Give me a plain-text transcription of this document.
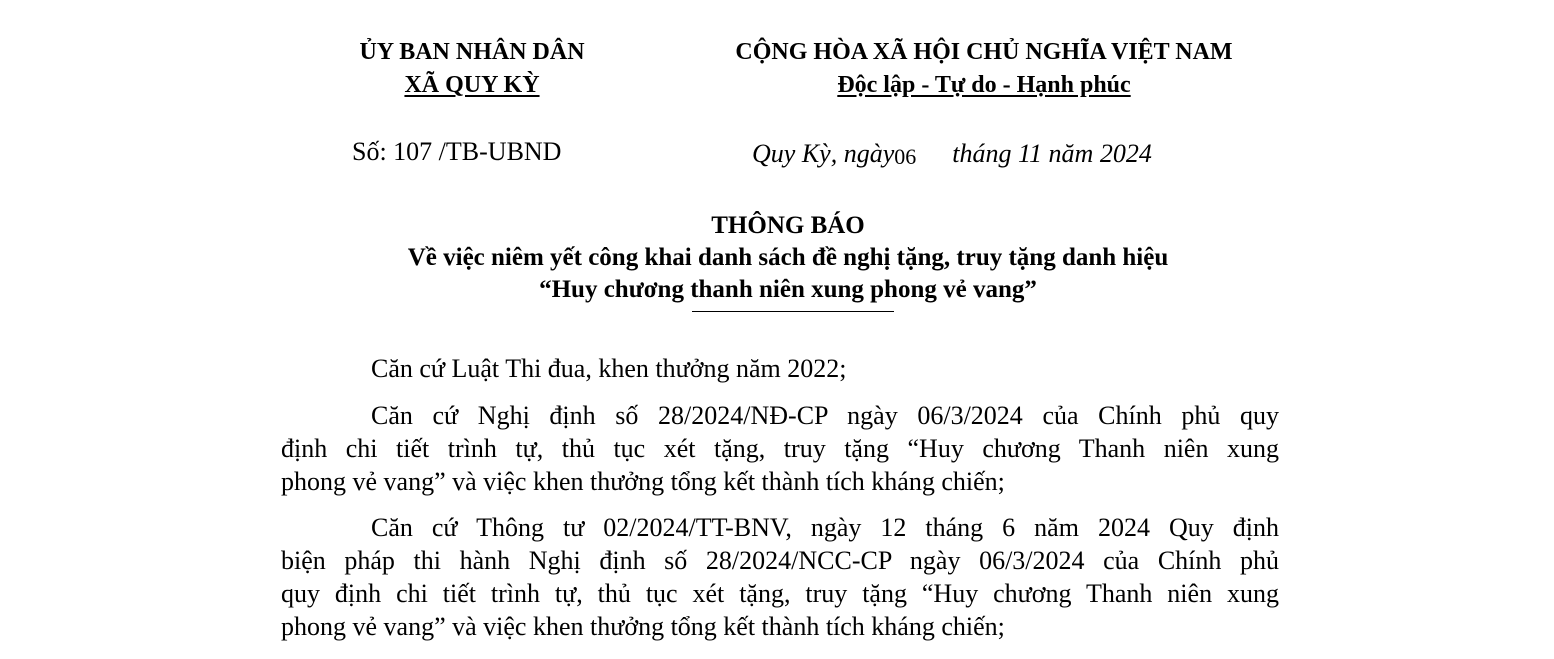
ỦY BAN NHÂN DÂN
XÃ QUY KỲ
CỘNG HÒA XÃ HỘI CHỦ NGHĨA VIỆT NAM
Độc lập - Tự do - Hạnh phúc
Số: 107 /TB-UBND	Quy Kỳ, ngày06 tháng 11 năm 2024
THÔNG BÁO
Về việc niêm yết công khai danh sách đề nghị tặng, truy tặng danh hiệu
“Huy chương thanh niên xung phong vẻ vang”
Căn cứ Luật Thi đua, khen thưởng năm 2022;
Căn cứ Nghị định số 28/2024/NĐ-CP ngày 06/3/2024 của Chính phủ quy
định chi tiết trình tự, thủ tục xét tặng, truy tặng “Huy chương Thanh niên xung
phong vẻ vang” và việc khen thưởng tổng kết thành tích kháng chiến;
Căn cứ Thông tư 02/2024/TT-BNV, ngày 12 tháng 6 năm 2024 Quy định
biện pháp thi hành Nghị định số 28/2024/NCC-CP ngày 06/3/2024 của Chính phủ
quy định chi tiết trình tự, thủ tục xét tặng, truy tặng “Huy chương Thanh niên xung
phong vẻ vang” và việc khen thưởng tổng kết thành tích kháng chiến;
